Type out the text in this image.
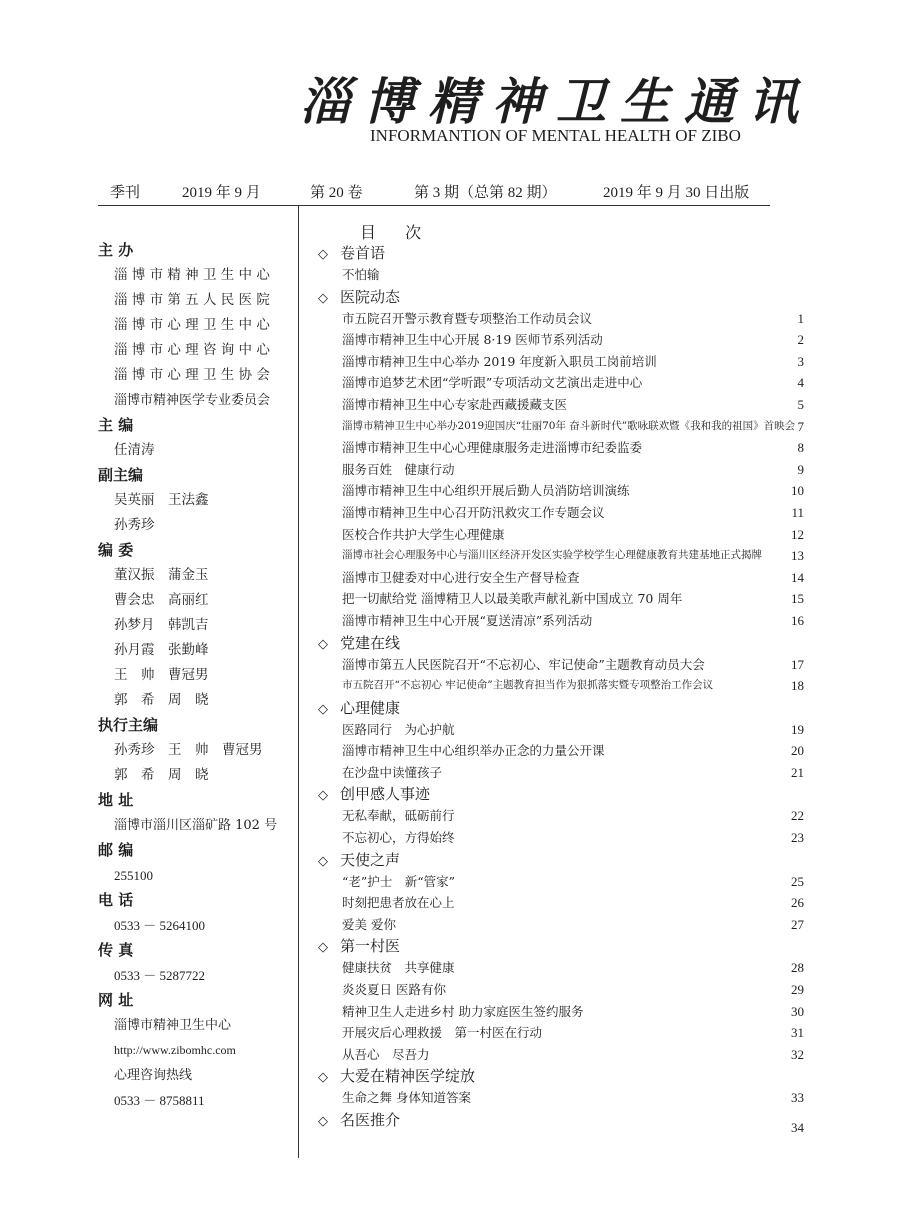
淄博精神卫生通讯
INFORMANTION OF MENTAL HEALTH OF ZIBO
季刊	2019 年 9 月	第 20 卷	第 3 期（总第 82 期）	2019 年 9 月 30 日出版
主 办
淄 博 市 精 神 卫 生 中 心
淄 博 市 第 五 人 民 医 院
淄 博 市 心 理 卫 生 中 心
淄 博 市 心 理 咨 询 中 心
淄 博 市 心 理 卫 生 协 会
淄博市精神医学专业委员会
主 编
任清涛
副主编
吴英丽　王法鑫
孙秀珍
编 委
董汉振　蒲金玉
曹会忠　高丽红
孙梦月　韩凯吉
孙月霞　张勤峰
王　帅　曹冠男
郭　希　周　晓
执行主编
孙秀珍　王　帅　曹冠男
郭　希　周　晓
地 址
淄博市淄川区淄矿路 102 号
邮 编
255100
电 话
0533 － 5264100
传 真
0533 － 5287722
网 址
淄博市精神卫生中心
http://www.zibomhc.com
心理咨询热线
0533 － 8758811
目 次
◇ 卷首语
不怕输
◇ 医院动态
市五院召开警示教育暨专项整治工作动员会议	1
淄博市精神卫生中心开展 8·19 医师节系列活动	2
淄博市精神卫生中心举办 2019 年度新入职员工岗前培训	3
淄博市追梦艺术团“学听跟”专项活动文艺演出走进中心	4
淄博市精神卫生中心专家赴西藏援藏支医	5
淄博市精神卫生中心举办2019迎国庆“壮丽70年 奋斗新时代”歌咏联欢暨《我和我的祖国》首映会 7
淄博市精神卫生中心心理健康服务走进淄博市纪委监委	8
服务百姓　健康行动	9
淄博市精神卫生中心组织开展后勤人员消防培训演练	10
淄博市精神卫生中心召开防汛救灾工作专题会议	11
医校合作共护大学生心理健康	12
淄博市社会心理服务中心与淄川区经济开发区实验学校学生心理健康教育共建基地正式揭牌 13
淄博市卫健委对中心进行安全生产督导检查	14
把一切献给党 淄博精卫人以最美歌声献礼新中国成立 70 周年	15
淄博市精神卫生中心开展“夏送清凉”系列活动	16
◇ 党建在线
淄博市第五人民医院召开“不忘初心、牢记使命”主题教育动员大会	17
市五院召开“不忘初心 牢记使命”主题教育担当作为狠抓落实暨专项整治工作会议	18
◇ 心理健康
医路同行　为心护航	19
淄博市精神卫生中心组织举办正念的力量公开课	20
在沙盘中读懂孩子	21
◇ 创甲感人事迹
无私奉献，砥砺前行	22
不忘初心，方得始终	23
◇ 天使之声
“老”护士　新“管家”	25
时刻把患者放在心上	26
爱美 爱你	27
◇ 第一村医
健康扶贫　共享健康	28
炎炎夏日 医路有你	29
精神卫生人走进乡村 助力家庭医生签约服务	30
开展灾后心理救援　第一村医在行动	31
从吾心　尽吾力	32
◇ 大爱在精神医学绽放
生命之舞 身体知道答案	33
◇ 名医推介	34
